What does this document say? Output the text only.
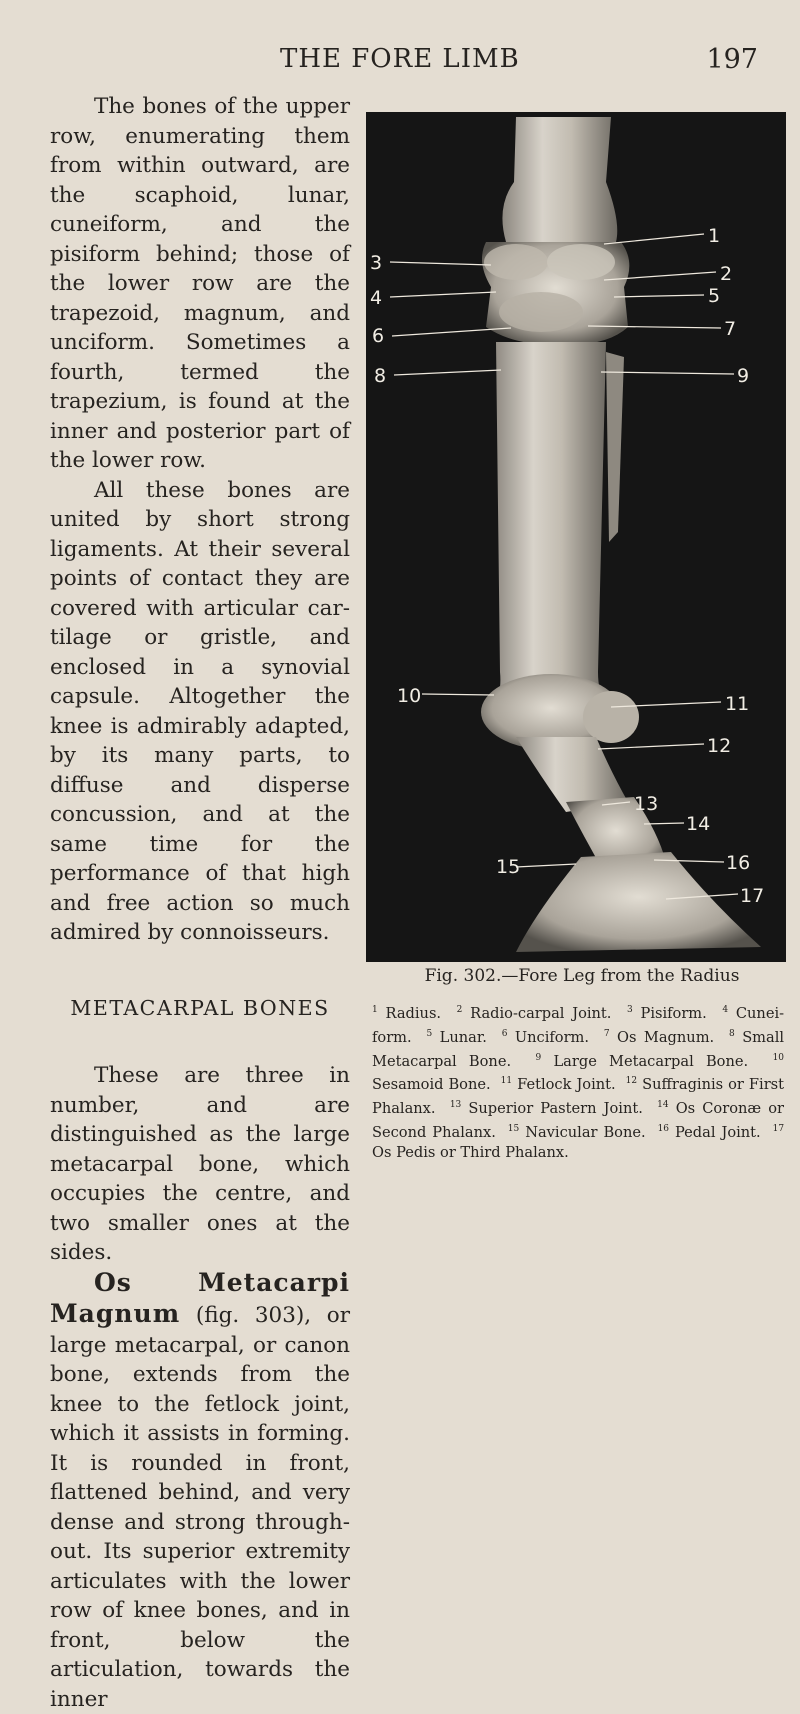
THE FORE LIMB	197

The bones of the upper row, enumerating them from within outward, are the scaphoid, lunar, cuneiform, and the pisiform behind; those of the lower row are the trapezoid, magnum, and unciform. Sometimes a fourth, termed the trapezium, is found at the inner and posterior part of the lower row.

All these bones are united by short strong ligaments. At their several points of contact they are covered with articular cartilage or gristle, and enclosed in a synovial capsule. Altogether the knee is admirably adapted, by its many parts, to diffuse and disperse concussion, and at the same time for the performance of that high and free action so much admired by connoisseurs.

METACARPAL BONES

These are three in number, and are distinguished as the large metacarpal bone, which occupies the centre, and two smaller ones at the sides.

Os Metacarpi Magnum (fig. 303), or large metacarpal, or canon bone, extends from the knee to the fetlock joint, which it assists in forming. It is rounded in front, flattened behind, and very dense and strong throughout. Its superior extremity articulates with the lower row of knee bones, and in front, below the articulation, towards the inner

1
2
3
4	5
6	7
8	9
10	11
12
13
14
15	16
17
Fig. 302.—Fore Leg from the Radius
$^1$ Radius. $^2$ Radio-carpal Joint. $^3$ Pisiform. $^4$ Cuneiform. $^5$ Lunar. $^6$ Unciform. $^7$ Os Magnum. $^8$ Small Metacarpal Bone.	$^9$ Large Metacarpal Bone.	$^{10}$ Sesamoid Bone. $^{11}$ Fetlock Joint. $^{12}$ Suffraginis or First Phalanx. $^{13}$ Superior Pastern Joint. $^{14}$ Os Coronæ or Second Phalanx. $^{15}$ Navicular Bone. $^{16}$ Pedal Joint. $^{17}$ Os Pedis or Third Phalanx.
